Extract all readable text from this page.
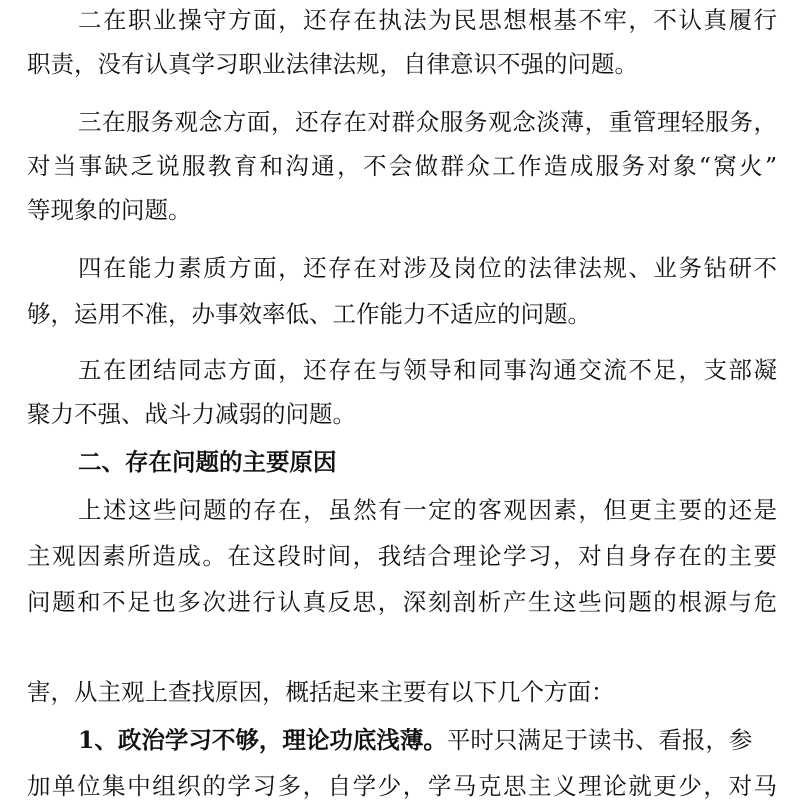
二在职业操守方面，还存在执法为民思想根基不牢，不认真履行
职责，没有认真学习职业法律法规，自律意识不强的问题。
三在服务观念方面，还存在对群众服务观念淡薄，重管理轻服务，
对当事缺乏说服教育和沟通，不会做群众工作造成服务对象“窝火”
等现象的问题。
四在能力素质方面，还存在对涉及岗位的法律法规、业务钻研不
够，运用不准，办事效率低、工作能力不适应的问题。
五在团结同志方面，还存在与领导和同事沟通交流不足，支部凝
聚力不强、战斗力减弱的问题。
二、存在问题的主要原因
上述这些问题的存在，虽然有一定的客观因素，但更主要的还是
主观因素所造成。在这段时间，我结合理论学习，对自身存在的主要
问题和不足也多次进行认真反思，深刻剖析产生这些问题的根源与危
害，从主观上查找原因，概括起来主要有以下几个方面：
1、政治学习不够，理论功底浅薄。平时只满足于读书、看报，参
加单位集中组织的学习多，自学少，学马克思主义理论就更少，对马
